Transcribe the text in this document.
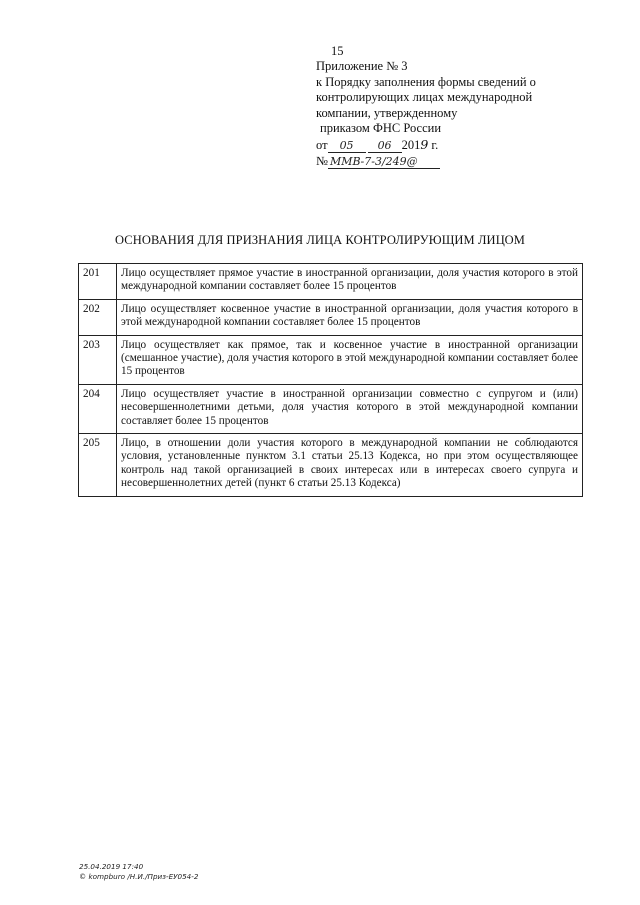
15
Приложение № 3
к Порядку заполнения формы сведений о
контролирующих лицах международной
компании, утвержденному
приказом ФНС России
от 05 06 2019 г.
№ ММВ-7-3/249@
ОСНОВАНИЯ ДЛЯ ПРИЗНАНИЯ ЛИЦА КОНТРОЛИРУЮЩИМ ЛИЦОМ
201	Лицо осуществляет прямое участие в иностранной организации, доля участия которого в этой международной компании составляет более 15 процентов
202	Лицо осуществляет косвенное участие в иностранной организации, доля участия которого в этой международной компании составляет более 15 процентов
203	Лицо осуществляет как прямое, так и косвенное участие в иностранной организации (смешанное участие), доля участия которого в этой международной компании составляет более 15 процентов
204	Лицо осуществляет участие в иностранной организации совместно с супругом и (или) несовершеннолетними детьми, доля участия которого в этой международной компании составляет более 15 процентов
205	Лицо, в отношении доли участия которого в международной компании не соблюдаются условия, установленные пунктом 3.1 статьи 25.13 Кодекса, но при этом осуществляющее контроль над такой организацией в своих интересах или в интересах своего супруга и несовершеннолетних детей (пункт 6 статьи 25.13 Кодекса)
25.04.2019 17:40
© kompburo /Н.И./Приз-ЕУ054-2
